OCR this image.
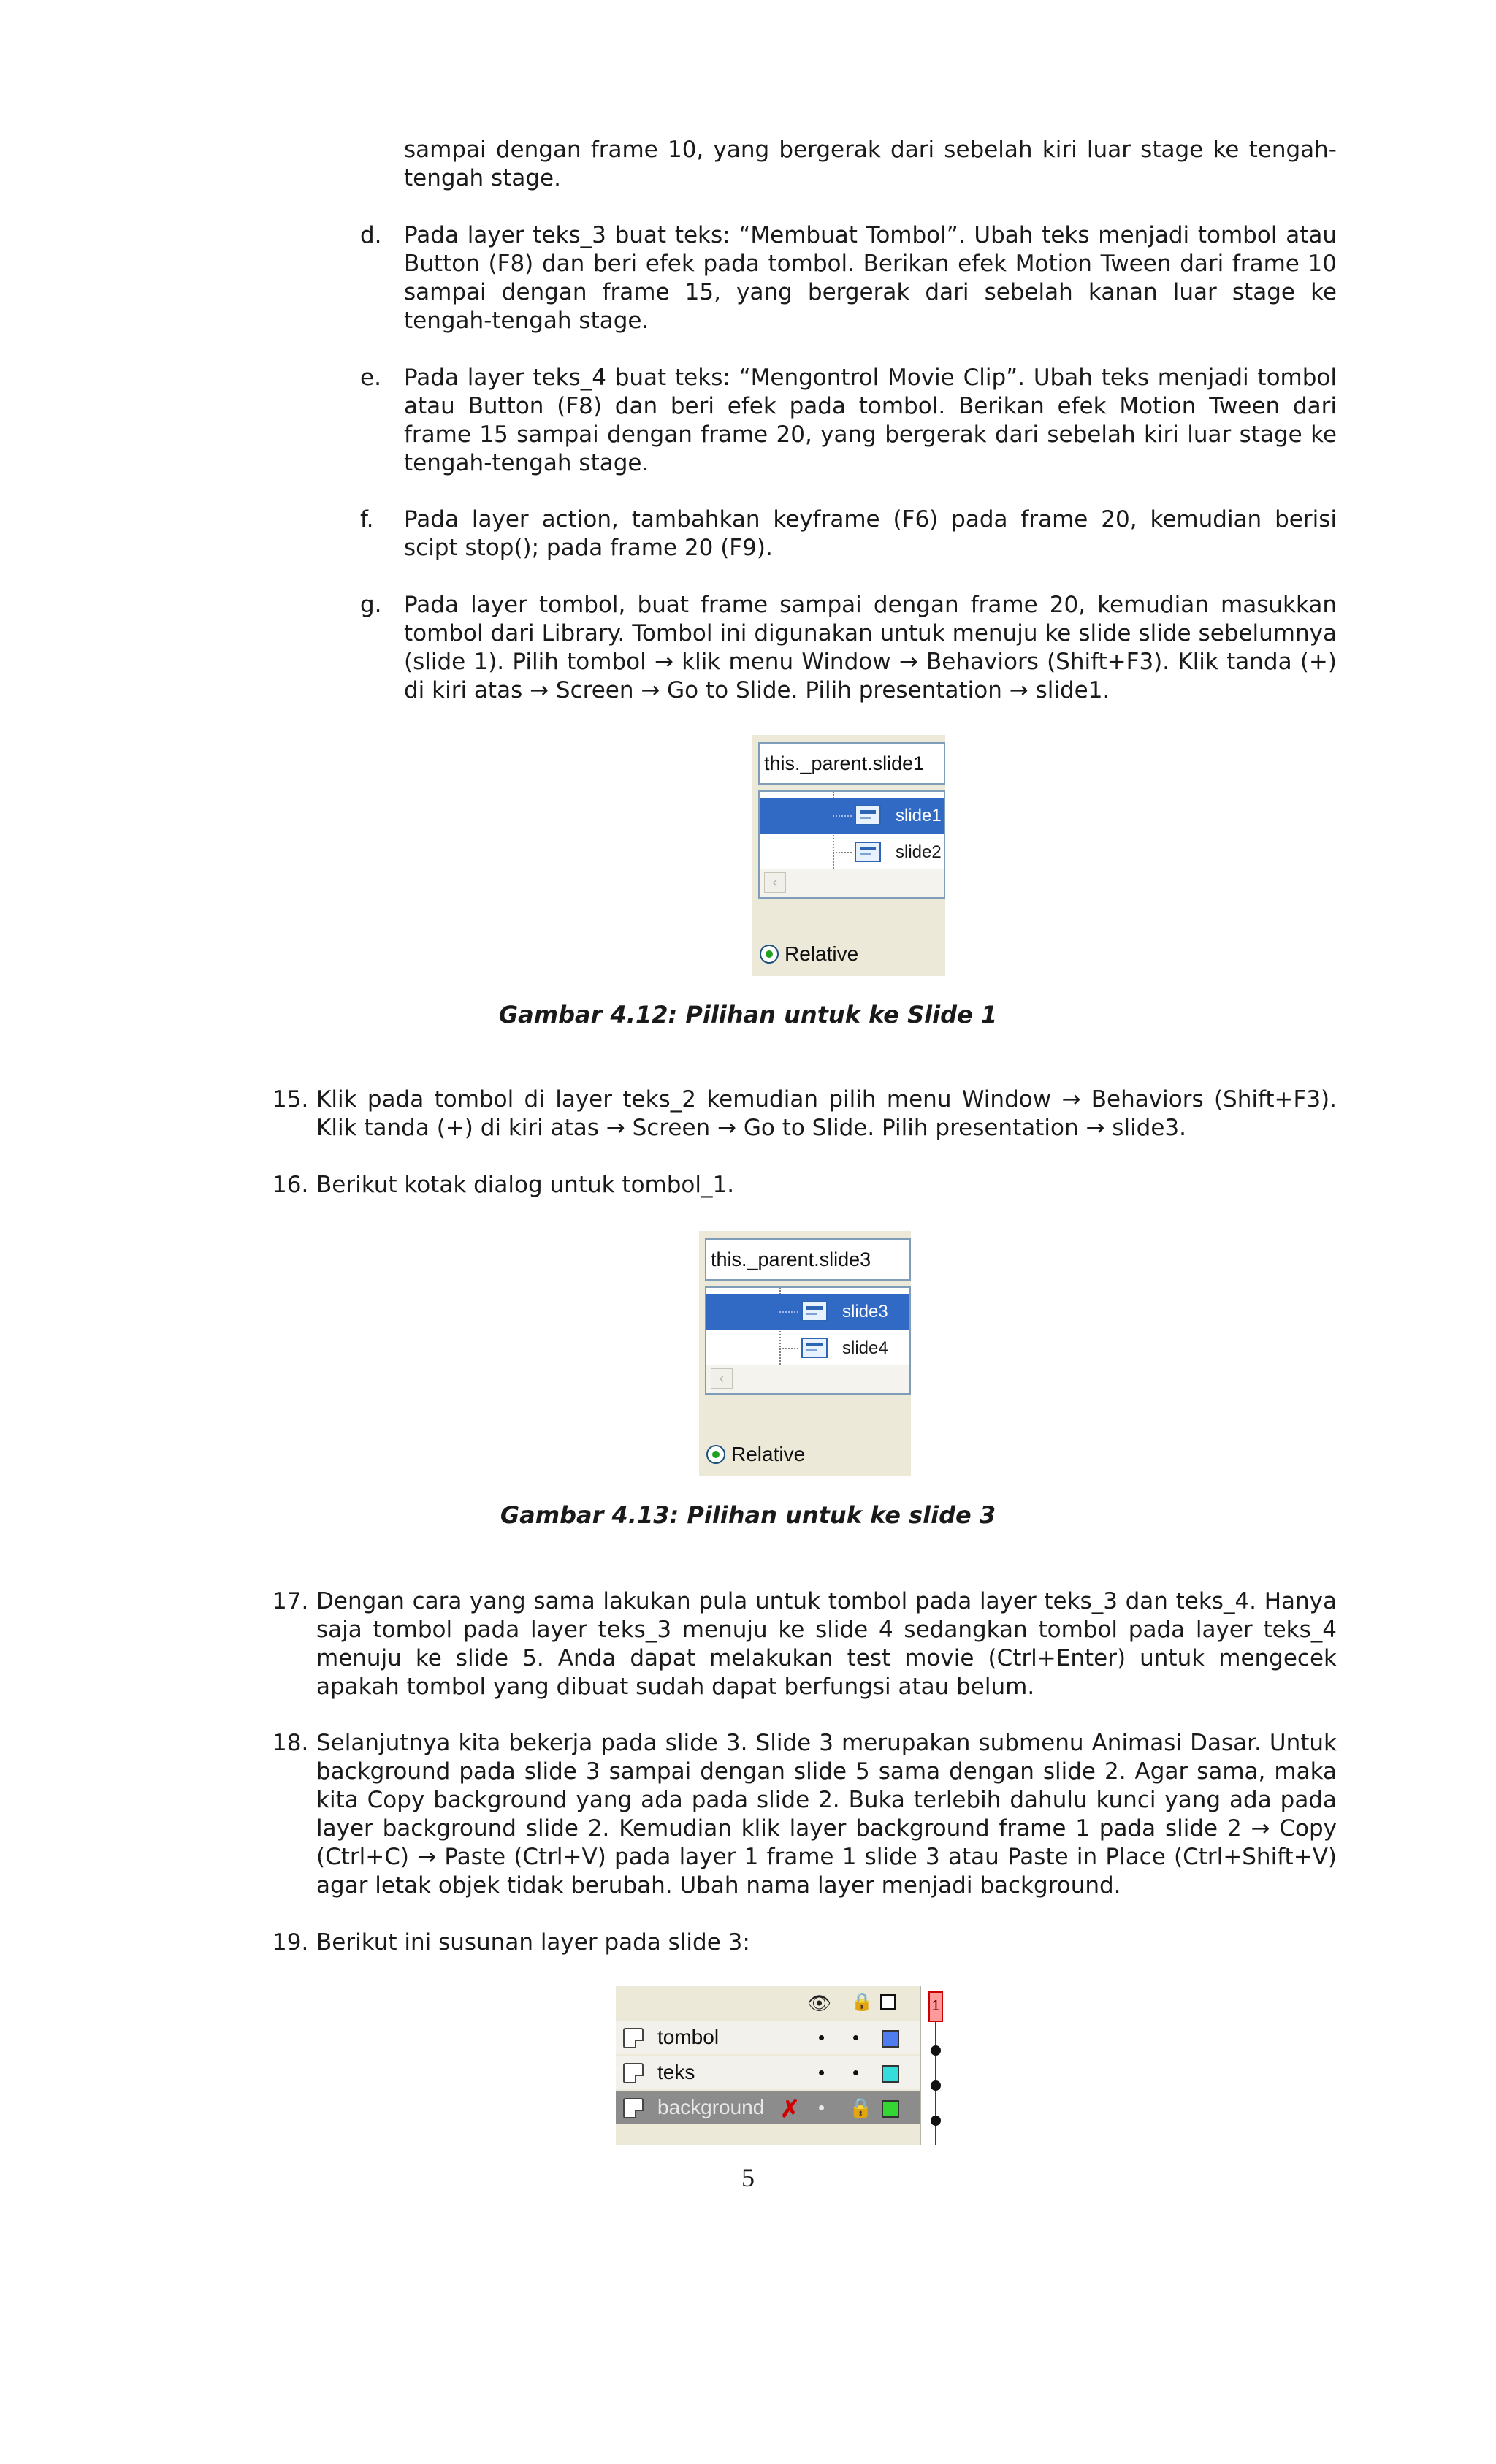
sampai dengan frame 10, yang bergerak dari sebelah kiri luar stage ke tengah-tengah stage.

d. Pada layer teks_3 buat teks: “Membuat Tombol”. Ubah teks menjadi tombol atau Button (F8) dan beri efek pada tombol. Berikan efek Motion Tween dari frame 10 sampai dengan frame 15, yang bergerak dari sebelah kanan luar stage ke tengah-tengah stage.

e. Pada layer teks_4 buat teks: “Mengontrol Movie Clip”. Ubah teks menjadi tombol atau Button (F8) dan beri efek pada tombol. Berikan efek Motion Tween dari frame 15 sampai dengan frame 20, yang bergerak dari sebelah kiri luar stage ke tengah-tengah stage.

f. Pada layer action, tambahkan keyframe (F6) pada frame 20, kemudian berisi scipt stop(); pada frame 20 (F9).

g. Pada layer tombol, buat frame sampai dengan frame 20, kemudian masukkan tombol dari Library. Tombol ini digunakan untuk menuju ke slide slide sebelumnya (slide 1). Pilih tombol → klik menu Window → Behaviors (Shift+F3). Klik tanda (+) di kiri atas → Screen → Go to Slide. Pilih presentation → slide1.

this._parent.slide1
slide1
slide2
‹
Relative

Gambar 4.12: Pilihan untuk ke Slide 1

15. Klik pada tombol di layer teks_2 kemudian pilih menu Window → Behaviors (Shift+F3). Klik tanda (+) di kiri atas → Screen → Go to Slide. Pilih presentation → slide3.

16. Berikut kotak dialog untuk tombol_1.

this._parent.slide3
slide3
slide4
‹
Relative

Gambar 4.13: Pilihan untuk ke slide 3

17. Dengan cara yang sama lakukan pula untuk tombol pada layer teks_3 dan teks_4. Hanya saja tombol pada layer teks_3 menuju ke slide 4 sedangkan tombol pada layer teks_4 menuju ke slide 5. Anda dapat melakukan test movie (Ctrl+Enter) untuk mengecek apakah tombol yang dibuat sudah dapat berfungsi atau belum.

18. Selanjutnya kita bekerja pada slide 3. Slide 3 merupakan submenu Animasi Dasar. Untuk background pada slide 3 sampai dengan slide 5 sama dengan slide 2. Agar sama, maka kita Copy background yang ada pada slide 2. Buka terlebih dahulu kunci yang ada pada layer background slide 2. Kemudian klik layer background frame 1 pada slide 2 → Copy (Ctrl+C) → Paste (Ctrl+V) pada layer 1 frame 1 slide 3 atau Paste in Place (Ctrl+Shift+V) agar letak objek tidak berubah. Ubah nama layer menjadi background.

19. Berikut ini susunan layer pada slide 3:

👁 🔒
tombol	• •
teks	• •
background ✗ • 🔒
1

5
